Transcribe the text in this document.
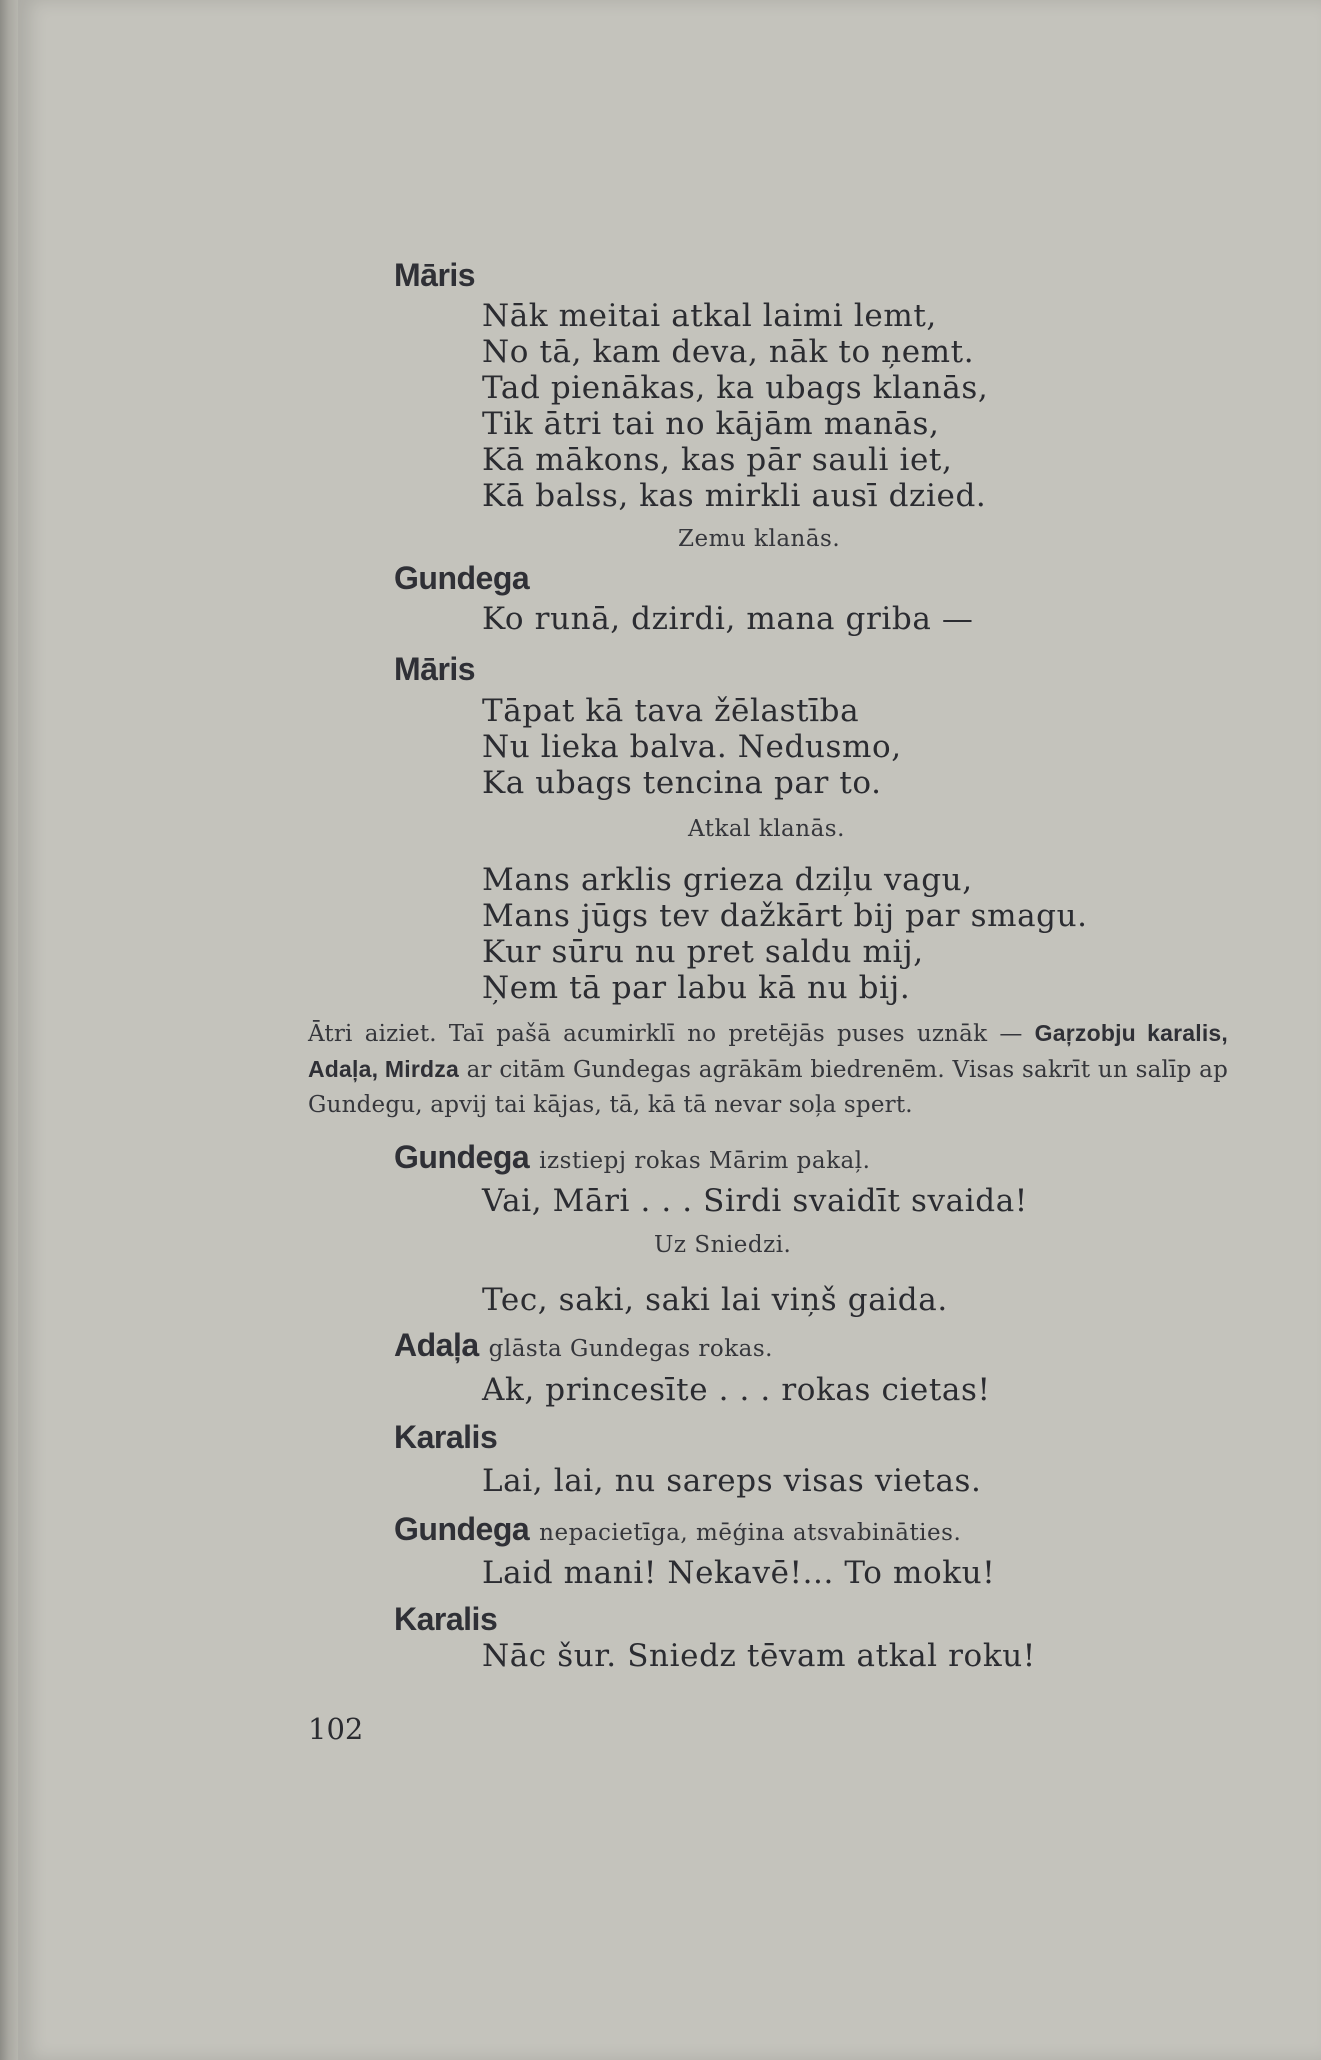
Māris
Nāk meitai atkal laimi lemt,
No tā, kam deva, nāk to ņemt.
Tad pienākas, ka ubags klanās,
Tik ātri tai no kājām manās,
Kā mākons, kas pār sauli iet,
Kā balss, kas mirkli ausī dzied.
Zemu klanās.
Gundega
Ko runā, dzirdi, mana griba —
Māris
Tāpat kā tava žēlastība
Nu lieka balva. Nedusmo,
Ka ubags tencina par to.
Atkal klanās.
Mans arklis grieza dziļu vagu,
Mans jūgs tev dažkārt bij par smagu.
Kur sūru nu pret saldu mij,
Ņem tā par labu kā nu bij.
Ātri aiziet. Taī pašā acumirklī no pretējās puses uznāk — Gaŗzobju karalis, Adaļa, Mirdza ar citām Gundegas agrākām biedrenēm. Visas sakrīt un salīp ap Gundegu, apvij tai kājas, tā, kā tā nevar soļa spert.
Gundega izstiepj rokas Mārim pakaļ.
Vai, Māri . . . Sirdi svaidīt svaida!
Uz Sniedzi.
Tec, saki, saki lai viņš gaida.
Adaļa glāsta Gundegas rokas.
Ak, princesīte . . . rokas cietas!
Karalis
Lai, lai, nu sareps visas vietas.
Gundega nepacietīga, mēģina atsvabināties.
Laid mani! Nekavē!... To moku!
Karalis
Nāc šur. Sniedz tēvam atkal roku!
102
